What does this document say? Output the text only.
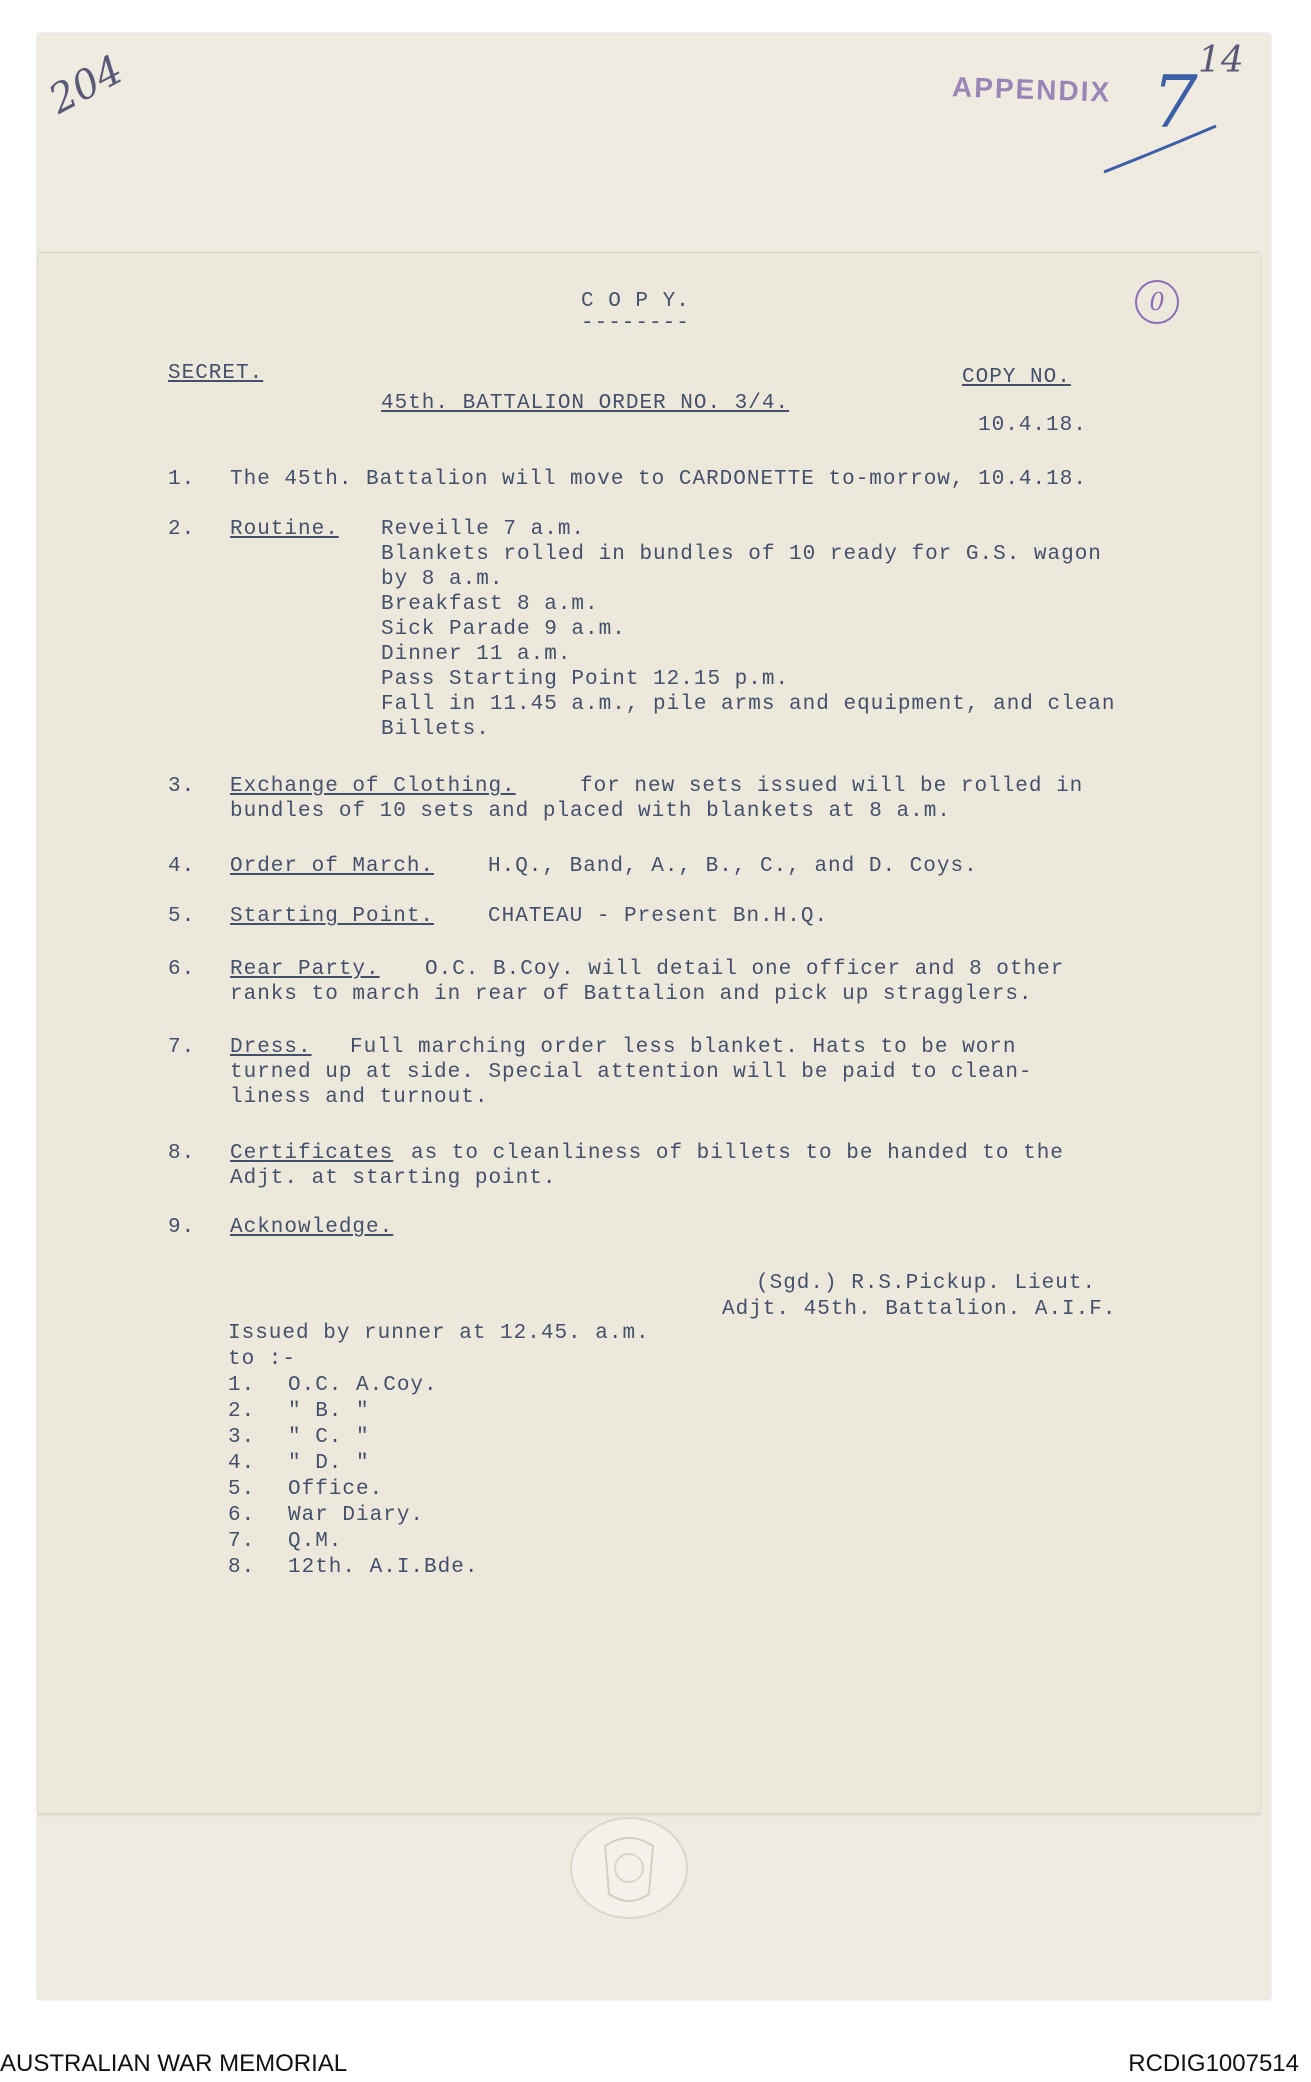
204	14
APPENDIX 7
0
C O P Y.
--------
SECRET.
45th. BATTALION ORDER NO. 3/4.
COPY NO.
10.4.18.
1. The 45th. Battalion will move to CARDONETTE to-morrow, 10.4.18.
2. Routine. Reveille 7 a.m.
Blankets rolled in bundles of 10 ready for G.S. wagon
by 8 a.m.
Breakfast 8 a.m.
Sick Parade 9 a.m.
Dinner 11 a.m.
Pass Starting Point 12.15 p.m.
Fall in 11.45 a.m., pile arms and equipment, and clean
Billets.
3. Exchange of Clothing.	for new sets issued will be rolled in
bundles of 10 sets and placed with blankets at 8 a.m.
4. Order of March.	H.Q., Band, A., B., C., and D. Coys.
5. Starting Point.	CHATEAU - Present Bn.H.Q.
6. Rear Party. O.C. B.Coy. will detail one officer and 8 other
ranks to march in rear of Battalion and pick up stragglers.
7. Dress. Full marching order less blanket. Hats to be worn
turned up at side. Special attention will be paid to clean-
liness and turnout.
8. Certificates as to cleanliness of billets to be handed to the
Adjt. at starting point.
9. Acknowledge.
(Sgd.) R.S.Pickup. Lieut.
Adjt. 45th. Battalion. A.I.F.
Issued by runner at 12.45. a.m.
to :-
1. O.C. A.Coy.
2. " B. "
3. " C. "
4. " D. "
5. Office.
6. War Diary.
7. Q.M.
8. 12th. A.I.Bde.
AUSTRALIAN WAR MEMORIAL	RCDIG1007514
